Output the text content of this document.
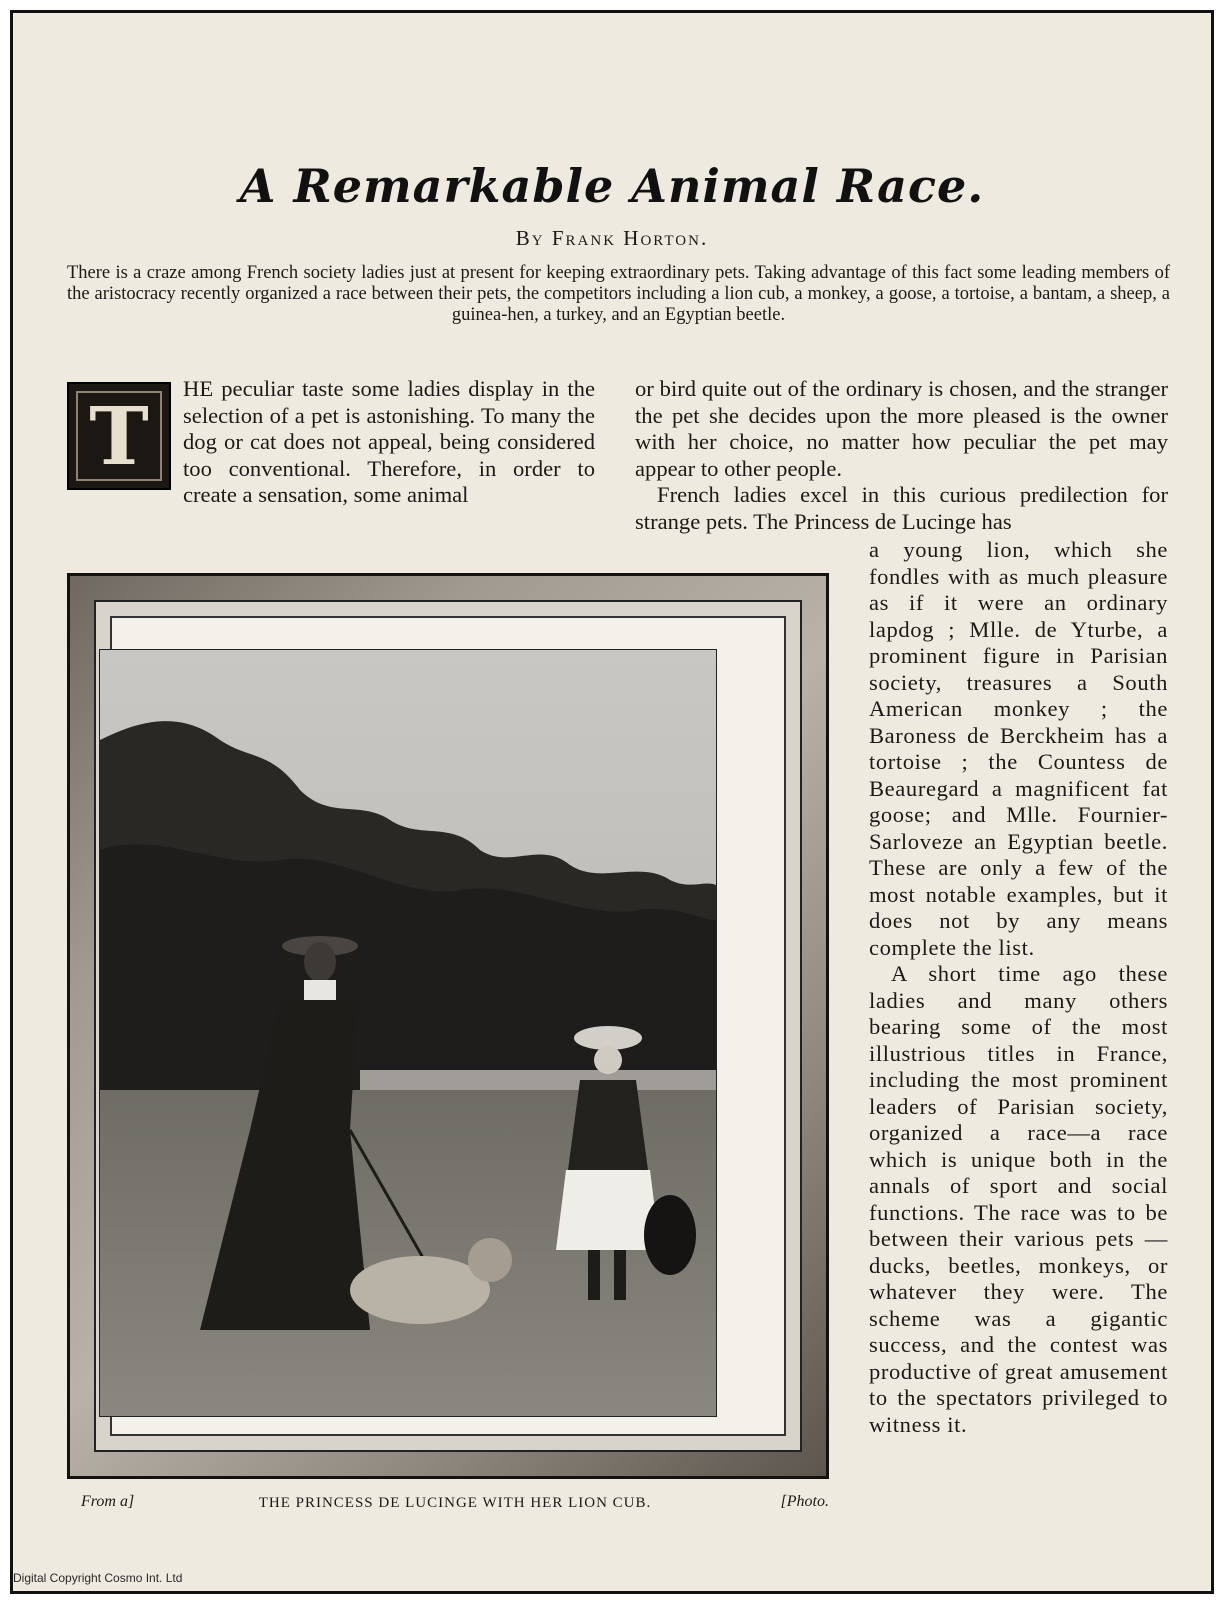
A Remarkable Animal Race.
By Frank Horton.
There is a craze among French society ladies just at present for keeping extraordinary pets. Taking advantage of this fact some leading members of the aristocracy recently organized a race between their pets, the competitors including a lion cub, a monkey, a goose, a tortoise, a bantam, a sheep, a guinea-hen, a turkey, and an Egyptian beetle.
T

HE peculiar taste some ladies display in the selection of a pet is astonishing. To many the dog or cat does not appeal, being considered too conventional. Therefore, in order to create a sensation, some animal

or bird quite out of the ordinary is chosen, and the stranger the pet she decides upon the more pleased is the owner with her choice, no matter how peculiar the pet may appear to other people.

French ladies excel in this curious predilection for strange pets. The Princess de Lucinge has

a young lion, which she fondles with as much pleasure as if it were an ordinary lapdog ; Mlle. de Yturbe, a prominent figure in Parisian society, treasures a South American monkey ; the Baroness de Berckheim has a tortoise ; the Countess de Beauregard a magnificent fat goose; and Mlle. Fournier-Sarloveze an Egyptian beetle. These are only a few of the most notable examples, but it does not by any means complete the list.

A short time ago these ladies and many others bearing some of the most illustrious titles in France, including the most prominent leaders of Parisian society, organized a race—a race which is unique both in the annals of sport and social functions. The race was to be between their various pets — ducks, beetles, monkeys, or whatever they were. The scheme was a gigantic success, and the contest was productive of great amusement to the spectators privileged to witness it.

From a]	THE PRINCESS DE LUCINGE WITH HER LION CUB.	[Photo.
Digital Copyright Cosmo Int. Ltd
